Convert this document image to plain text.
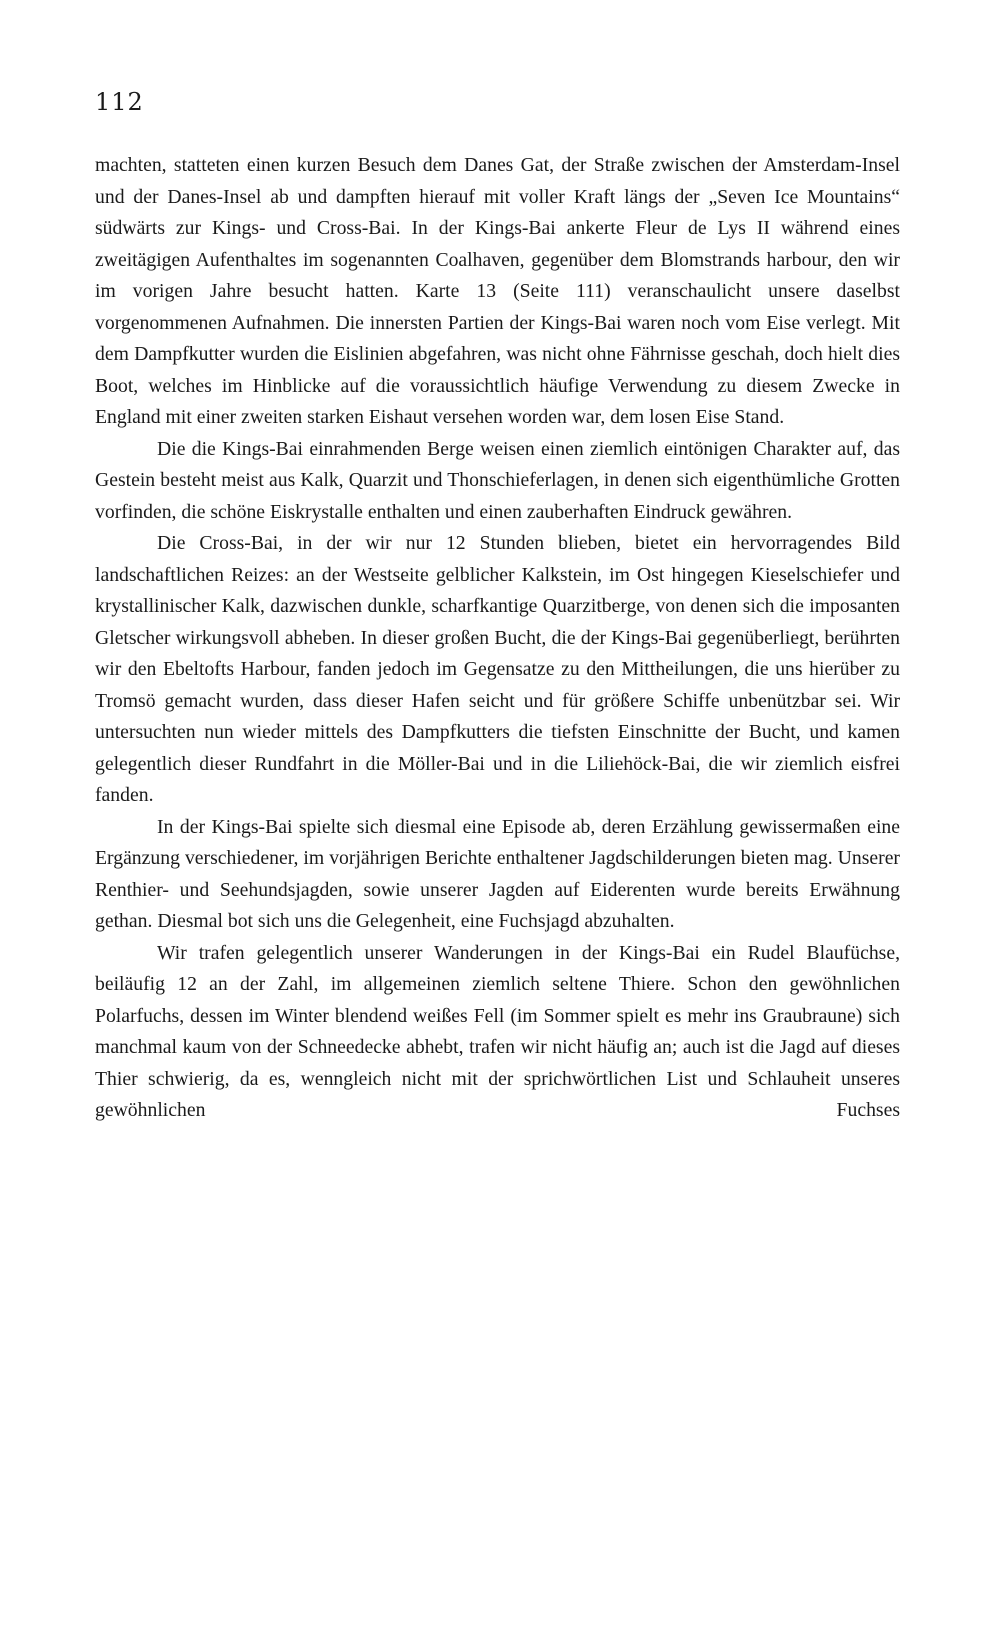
112

machten, statteten einen kurzen Besuch dem Danes Gat, der Straße zwischen der Amsterdam-Insel und der Danes-Insel ab und dampften hierauf mit voller Kraft längs der „Seven Ice Mountains“ südwärts zur Kings- und Cross-Bai. In der Kings-Bai ankerte Fleur de Lys II während eines zweitägigen Aufenthaltes im sogenannten Coalhaven, gegenüber dem Blomstrands harbour, den wir im vorigen Jahre besucht hatten. Karte 13 (Seite 111) veranschaulicht unsere daselbst vorgenommenen Aufnahmen. Die innersten Partien der Kings-Bai waren noch vom Eise verlegt. Mit dem Dampfkutter wurden die Eislinien abgefahren, was nicht ohne Fährnisse geschah, doch hielt dies Boot, welches im Hinblicke auf die voraussichtlich häufige Verwendung zu diesem Zwecke in England mit einer zweiten starken Eishaut versehen worden war, dem losen Eise Stand.

Die die Kings-Bai einrahmenden Berge weisen einen ziemlich eintönigen Charakter auf, das Gestein besteht meist aus Kalk, Quarzit und Thonschieferlagen, in denen sich eigenthümliche Grotten vorfinden, die schöne Eiskrystalle enthalten und einen zauberhaften Eindruck gewähren.

Die Cross-Bai, in der wir nur 12 Stunden blieben, bietet ein hervorragendes Bild landschaftlichen Reizes: an der Westseite gelblicher Kalkstein, im Ost hingegen Kieselschiefer und krystallinischer Kalk, dazwischen dunkle, scharfkantige Quarzitberge, von denen sich die imposanten Gletscher wirkungsvoll abheben. In dieser großen Bucht, die der Kings-Bai gegenüberliegt, berührten wir den Ebeltofts Harbour, fanden jedoch im Gegensatze zu den Mittheilungen, die uns hierüber zu Tromsö gemacht wurden, dass dieser Hafen seicht und für größere Schiffe unbenützbar sei. Wir untersuchten nun wieder mittels des Dampfkutters die tiefsten Einschnitte der Bucht, und kamen gelegentlich dieser Rundfahrt in die Möller-Bai und in die Liliehöck-Bai, die wir ziemlich eisfrei fanden.

In der Kings-Bai spielte sich diesmal eine Episode ab, deren Erzählung gewissermaßen eine Ergänzung verschiedener, im vorjährigen Berichte enthaltener Jagdschilderungen bieten mag. Unserer Renthier- und Seehundsjagden, sowie unserer Jagden auf Eiderenten wurde bereits Erwähnung gethan. Diesmal bot sich uns die Gelegenheit, eine Fuchsjagd abzuhalten.

Wir trafen gelegentlich unserer Wanderungen in der Kings-Bai ein Rudel Blaufüchse, beiläufig 12 an der Zahl, im allgemeinen ziemlich seltene Thiere. Schon den gewöhnlichen Polarfuchs, dessen im Winter blendend weißes Fell (im Sommer spielt es mehr ins Graubraune) sich manchmal kaum von der Schneedecke abhebt, trafen wir nicht häufig an; auch ist die Jagd auf dieses Thier schwierig, da es, wenngleich nicht mit der sprichwörtlichen List und Schlauheit unseres gewöhnlichen Fuchses
